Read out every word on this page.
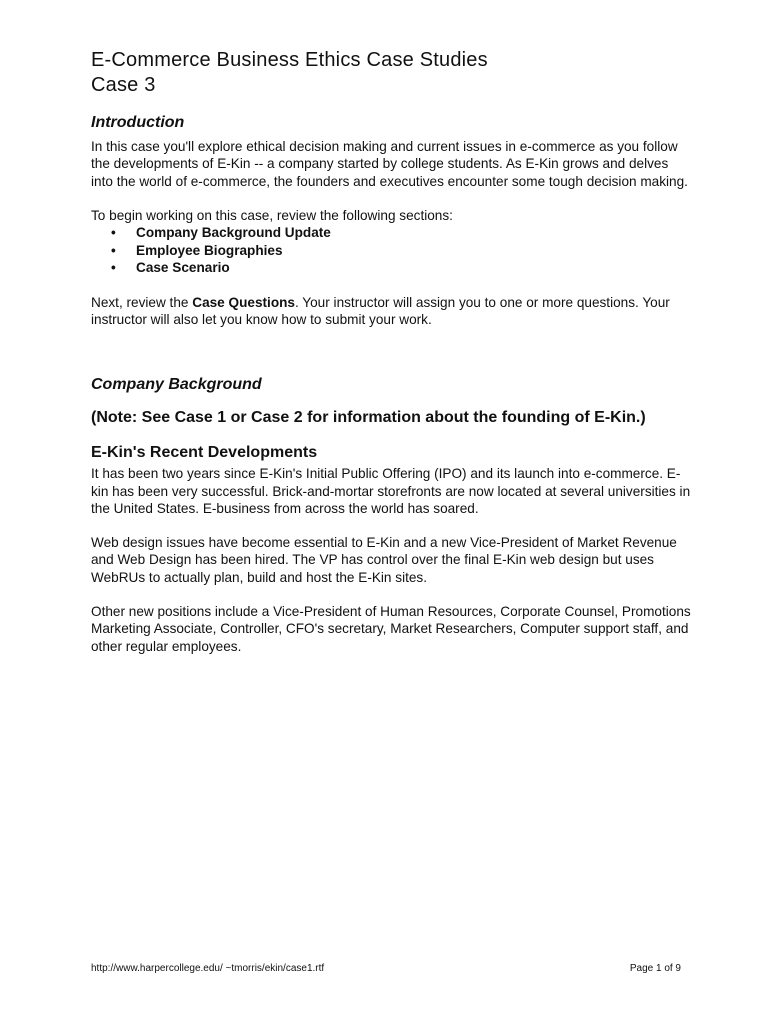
E-Commerce Business Ethics Case Studies
Case 3
Introduction

In this case you'll explore ethical decision making and current issues in e-commerce as you follow the developments of E-Kin -- a company started by college students. As E-Kin grows and delves into the world of e-commerce, the founders and executives encounter some tough decision making.

To begin working on this case, review the following sections:

• Company Background Update
• Employee Biographies
• Case Scenario

Next, review the Case Questions. Your instructor will assign you to one or more questions. Your instructor will also let you know how to submit your work.

Company Background

(Note: See Case 1 or Case 2 for information about the founding of E-Kin.)

E-Kin's Recent Developments

It has been two years since E-Kin's Initial Public Offering (IPO) and its launch into e-commerce. E-kin has been very successful. Brick-and-mortar storefronts are now located at several universities in the United States. E-business from across the world has soared.

Web design issues have become essential to E-Kin and a new Vice-President of Market Revenue and Web Design has been hired. The VP has control over the final E-Kin web design but uses WebRUs to actually plan, build and host the E-Kin sites.

Other new positions include a Vice-President of Human Resources, Corporate Counsel, Promotions Marketing Associate, Controller, CFO's secretary, Market Researchers, Computer support staff, and other regular employees.

http://www.harpercollege.edu/ ~tmorris/ekin/case1.rtf	Page 1 of 9
